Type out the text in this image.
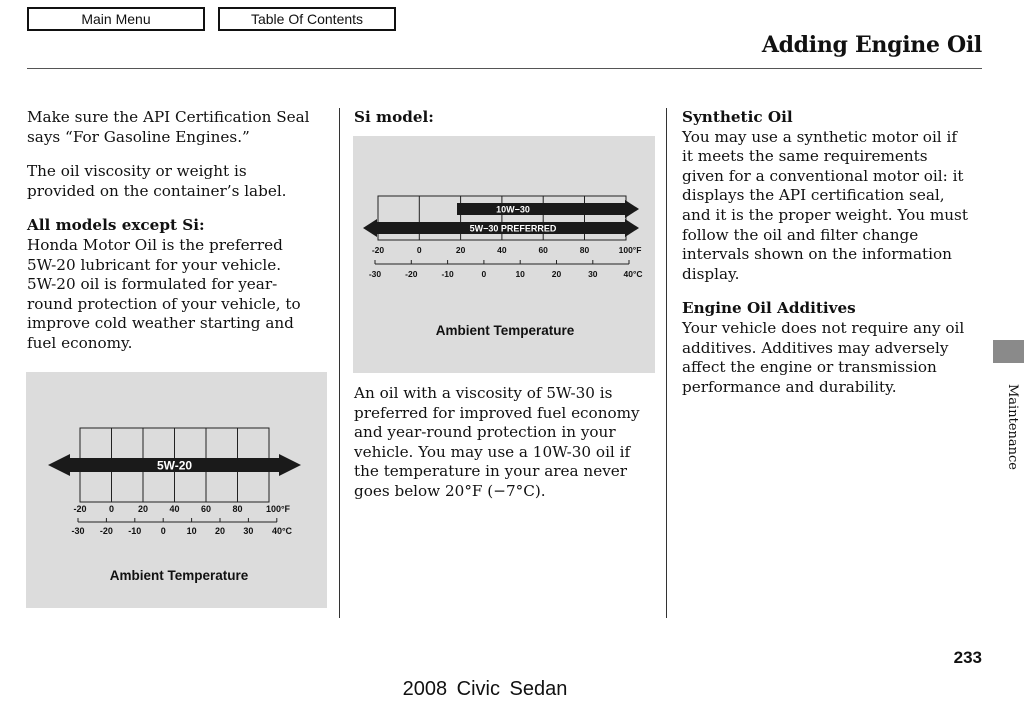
Main Menu	Table Of Contents
Adding Engine Oil

Make sure the API Certification Seal
says “For Gasoline Engines.”

The oil viscosity or weight is
provided on the container’s label.

All models except Si:
Honda Motor Oil is the preferred
5W-20 lubricant for your vehicle.
5W-20 oil is formulated for year-
round protection of your vehicle, to
improve cold weather starting and
fuel economy.

5W-20
-20 0	20 40 60 80	100°F
-30 -20 -10 0 10 20 30 40°C
Ambient Temperature
Si model:
10W−30
5W−30 PREFERRED
-20	0	20	40	60	80	100°F
-30	-20	-10	0	10	20	30	40°C
Ambient Temperature

An oil with a viscosity of 5W-30 is
preferred for improved fuel economy
and year-round protection in your
vehicle. You may use a 10W-30 oil if
the temperature in your area never
goes below 20°F (−7°C).

Synthetic Oil
You may use a synthetic motor oil if
it meets the same requirements
given for a conventional motor oil: it
displays the API certification seal,
and it is the proper weight. You must
follow the oil and filter change
intervals shown on the information
display.

Engine Oil Additives
Your vehicle does not require any oil
additives. Additives may adversely
affect the engine or transmission
performance and durability.	Maintenance
233
2008 Civic Sedan
